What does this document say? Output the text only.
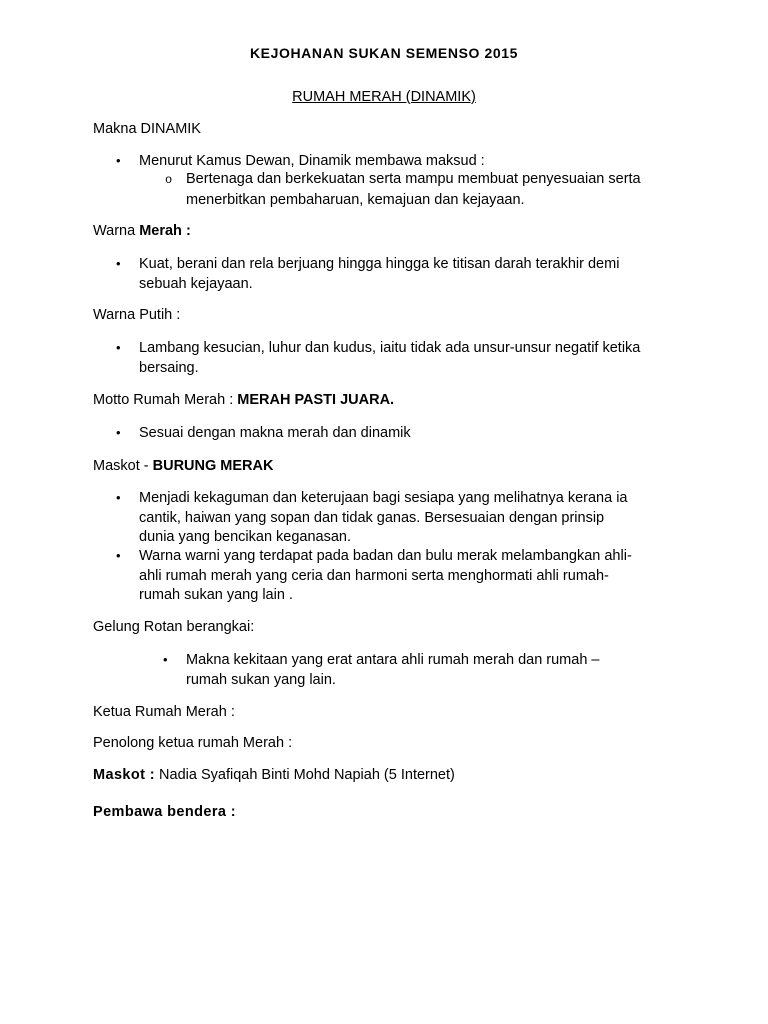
KEJOHANAN SUKAN SEMENSO 2015
RUMAH MERAH (DINAMIK)
Makna DINAMIK
• Menurut Kamus Dewan, Dinamik membawa maksud :
o Bertenaga dan berkekuatan serta mampu membuat penyesuaian serta
menerbitkan pembaharuan, kemajuan dan kejayaan.
Warna Merah :
• Kuat, berani dan rela berjuang hingga hingga ke titisan darah terakhir demi
sebuah kejayaan.
Warna Putih :
• Lambang kesucian, luhur dan kudus, iaitu tidak ada unsur-unsur negatif ketika
bersaing.
Motto Rumah Merah : MERAH PASTI JUARA.
• Sesuai dengan makna merah dan dinamik
Maskot - BURUNG MERAK
• Menjadi kekaguman dan keterujaan bagi sesiapa yang melihatnya kerana ia
cantik, haiwan yang sopan dan tidak ganas. Bersesuaian dengan prinsip
dunia yang bencikan keganasan.
• Warna warni yang terdapat pada badan dan bulu merak melambangkan ahli-
ahli rumah merah yang ceria dan harmoni serta menghormati ahli rumah-
rumah sukan yang lain .
Gelung Rotan berangkai:
• Makna kekitaan yang erat antara ahli rumah merah dan rumah –
rumah sukan yang lain.
Ketua Rumah Merah :
Penolong ketua rumah Merah :
Maskot : Nadia Syafiqah Binti Mohd Napiah (5 Internet)
Pembawa bendera :
